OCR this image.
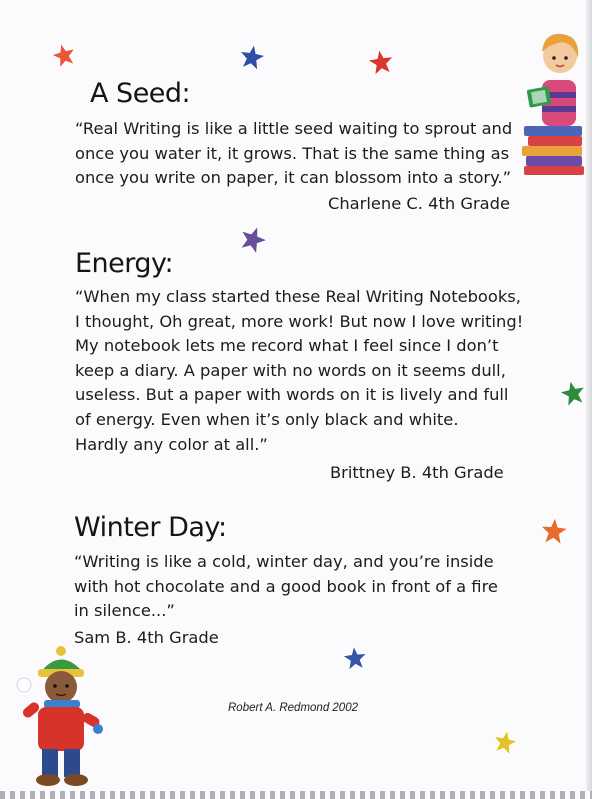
A Seed:
“Real Writing is like a little seed waiting to sprout and
once you water it, it grows. That is the same thing as
once you write on paper, it can blossom into a story.”
Charlene C. 4th Grade
Energy:
“When my class started these Real Writing Notebooks,
I thought, Oh great, more work! But now I love writing!
My notebook lets me record what I feel since I don’t
keep a diary. A paper with no words on it seems dull,
useless. But a paper with words on it is lively and full
of energy. Even when it’s only black and white.
Hardly any color at all.”
Brittney B. 4th Grade
Winter Day:
“Writing is like a cold, winter day, and you’re inside
with hot chocolate and a good book in front of a fire
in silence...”
Sam B. 4th Grade
Robert A. Redmond 2002
